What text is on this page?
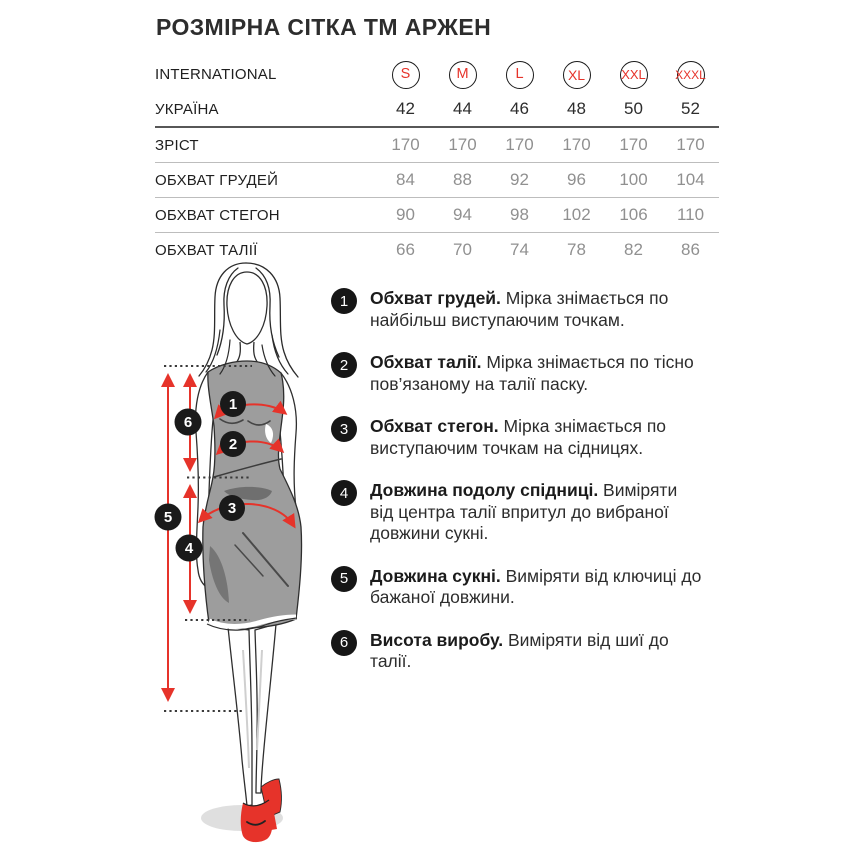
РОЗМІРНА СІТКА ТМ АРЖЕН
INTERNATIONAL	S	M	L	XL	XXL XXXL
УКРАЇНА	42	44	46	48	50	52
ЗРІСТ	170	170	170	170	170	170
ОБХВАТ ГРУДЕЙ	84	88	92	96	100	104
ОБХВАТ СТЕГОН	90	94	98	102	106	110
ОБХВАТ ТАЛІЇ	66	70	74	78	82	86
1
2
3
4
5
6
1	Обхват грудей. Мірка знімається по найбільш виступаючим точкам.
2	Обхват талії. Мірка знімається по тісно пов’язаному на талії паску.
3	Обхват стегон. Мірка знімається по виступаючим точкам на сідницях.
4	Довжина подолу спідниці. Виміряти від центра талії впритул до вибраної довжини сукні.
5	Довжина сукні. Виміряти від ключиці до бажаної довжини.
6	Висота виробу. Виміряти від шиї до талії.
